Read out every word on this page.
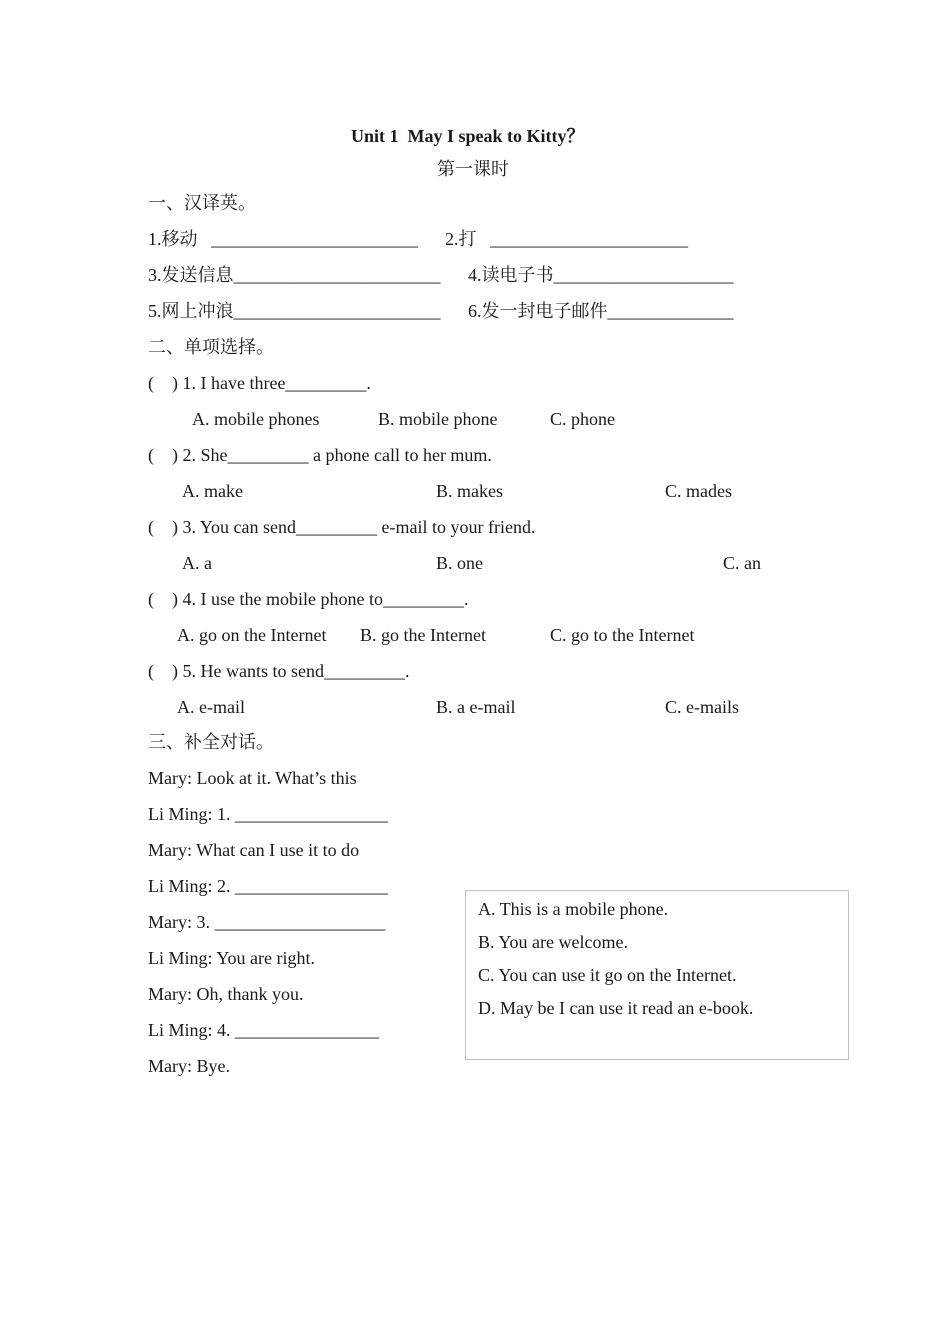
Unit 1  May I speak to Kitty？
第一课时
一、汉译英。
1.移动   _______________________ 2.打   ______________________
3.发送信息_______________________ 4.读电子书____________________
5.网上冲浪_______________________ 6.发一封电子邮件______________
二、单项选择。
(    ) 1. I have three_________.
A. mobile phones	B. mobile phone	C. phone
(    ) 2. She_________ a phone call to her mum.
A. make	B. makes	C. mades
(    ) 3. You can send_________ e-mail to your friend.
A. a	B. one	C. an
(    ) 4. I use the mobile phone to_________.
A. go on the Internet B. go the Internet	C. go to the Internet
(    ) 5. He wants to send_________.
A. e-mail	B. a e-mail	C. e-mails
三、补全对话。
Mary: Look at it. What’s this
Li Ming: 1. _________________
Mary: What can I use it to do
Li Ming: 2. _________________
Mary: 3. ___________________
Li Ming: You are right.
Mary: Oh, thank you.
Li Ming: 4. ________________
Mary: Bye.
A. This is a mobile phone.
B. You are welcome.
C. You can use it go on the Internet.
D. May be I can use it read an e-book.
